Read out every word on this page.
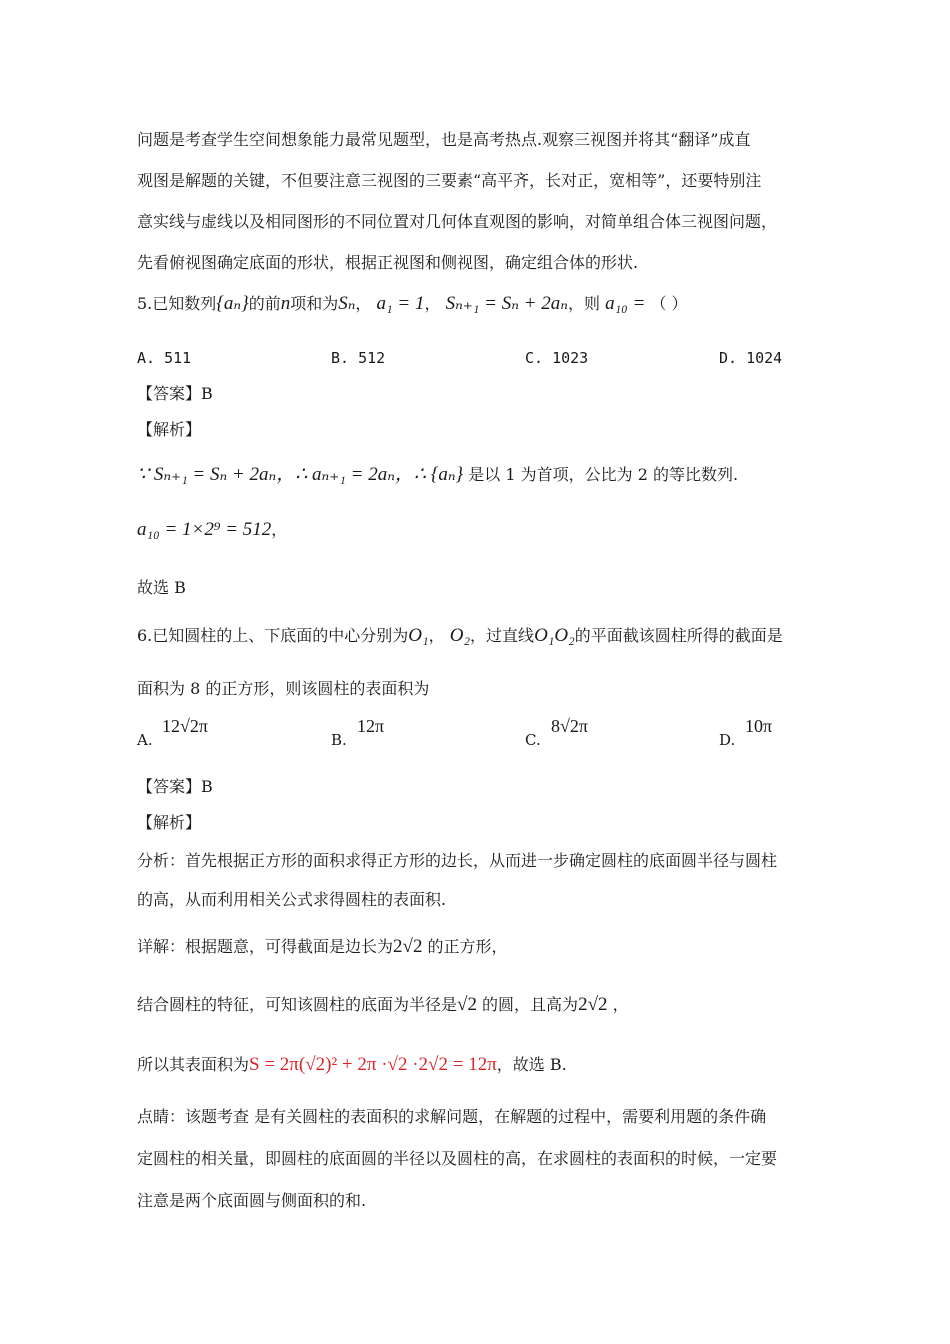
问题是考查学生空间想象能力最常见题型，也是高考热点.观察三视图并将其“翻译”成直
观图是解题的关键，不但要注意三视图的三要素“高平齐，长对正，宽相等”，还要特别注
意实线与虚线以及相同图形的不同位置对几何体直观图的影响，对简单组合体三视图问题，
先看俯视图确定底面的形状，根据正视图和侧视图，确定组合体的形状.
5.已知数列{aₙ}的前n项和为Sₙ， a₁ = 1， Sₙ₊₁ = Sₙ + 2aₙ，则 a₁₀ = （ ）
A. 511	B. 512	C. 1023	D. 1024
【答案】B
【解析】
∵ Sₙ₊₁ = Sₙ + 2aₙ，∴ aₙ₊₁ = 2aₙ，∴ {aₙ} 是以 1 为首项，公比为 2 的等比数列.
a₁₀ = 1×2⁹ = 512，
故选 B
6.已知圆柱的上、下底面的中心分别为O₁， O₂，过直线O₁O₂的平面截该圆柱所得的截面是
面积为 8 的正方形，则该圆柱的表面积为
A.
12√2π
B.
12π
C.
8√2π
D.
10π
【答案】B
【解析】
分析：首先根据正方形的面积求得正方形的边长，从而进一步确定圆柱的底面圆半径与圆柱
的高，从而利用相关公式求得圆柱的表面积.
详解：根据题意，可得截面是边长为2√2 的正方形，
结合圆柱的特征，可知该圆柱的底面为半径是√2 的圆，且高为2√2 ，
所以其表面积为S = 2π(√2)² + 2π ·√2 ·2√2 = 12π，故选 B.
点睛：该题考查 是有关圆柱的表面积的求解问题，在解题的过程中，需要利用题的条件确
定圆柱的相关量，即圆柱的底面圆的半径以及圆柱的高，在求圆柱的表面积的时候，一定要
注意是两个底面圆与侧面积的和.
